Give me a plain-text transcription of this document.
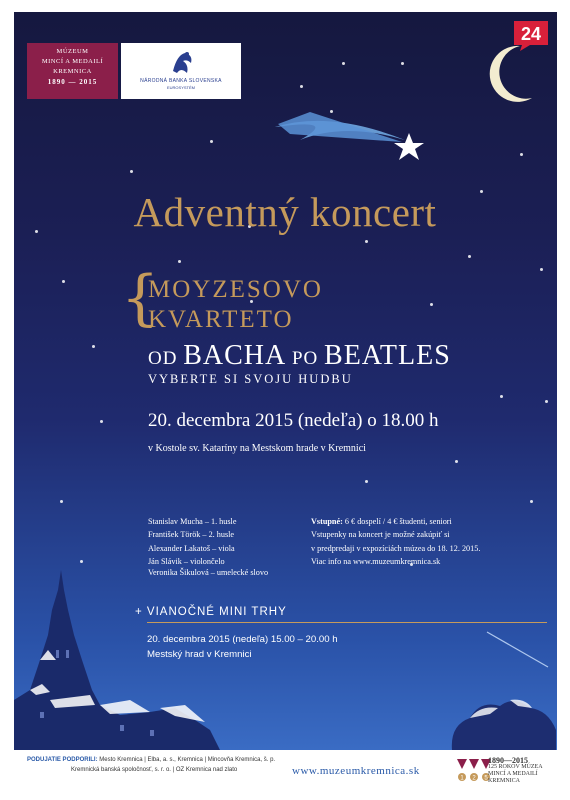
MÚZEUM
MINCÍ A MEDAILÍ
KREMNICA
1890 — 2015	NÁRODNÁ BANKA SLOVENSKA
EUROSYSTÉM
24
Adventný koncert
{
MOYZESOVO
KVARTETO
OD BACHA PO BEATLES
VYBERTE SI SVOJU HUDBU
20. decembra 2015 (nedeľa) o 18.00 h
v Kostole sv. Kataríny na Mestskom hrade v Kremnici
Stanislav Mucha – 1. husle
František Török – 2. husle
Alexander Lakatoš – viola
Ján Slávik – violončelo
Veronika Šikulová – umelecké slovo
Vstupné: 6 € dospelí / 4 € študenti, seniori
Vstupenky na koncert je možné zakúpiť si
v predpredaji v expozíciách múzea do 18. 12. 2015.
Viac info na www.muzeumkremnica.sk
+ VIANOČNÉ MINI TRHY
20. decembra 2015 (nedeľa) 15.00 – 20.00 h
Mestský hrad v Kremnici
PODUJATIE PODPORILI: Mesto Kremnica | Elba, a. s., Kremnica | Mincovňa Kremnica, š. p.
Kremnická banská spoločnosť, s. r. o. | OZ Kremnica nad zlato	www.muzeumkremnica.sk
1 2 5
1890—2015
125 ROKOV MÚZEA
MINCÍ A MEDAILÍ
KREMNICA
